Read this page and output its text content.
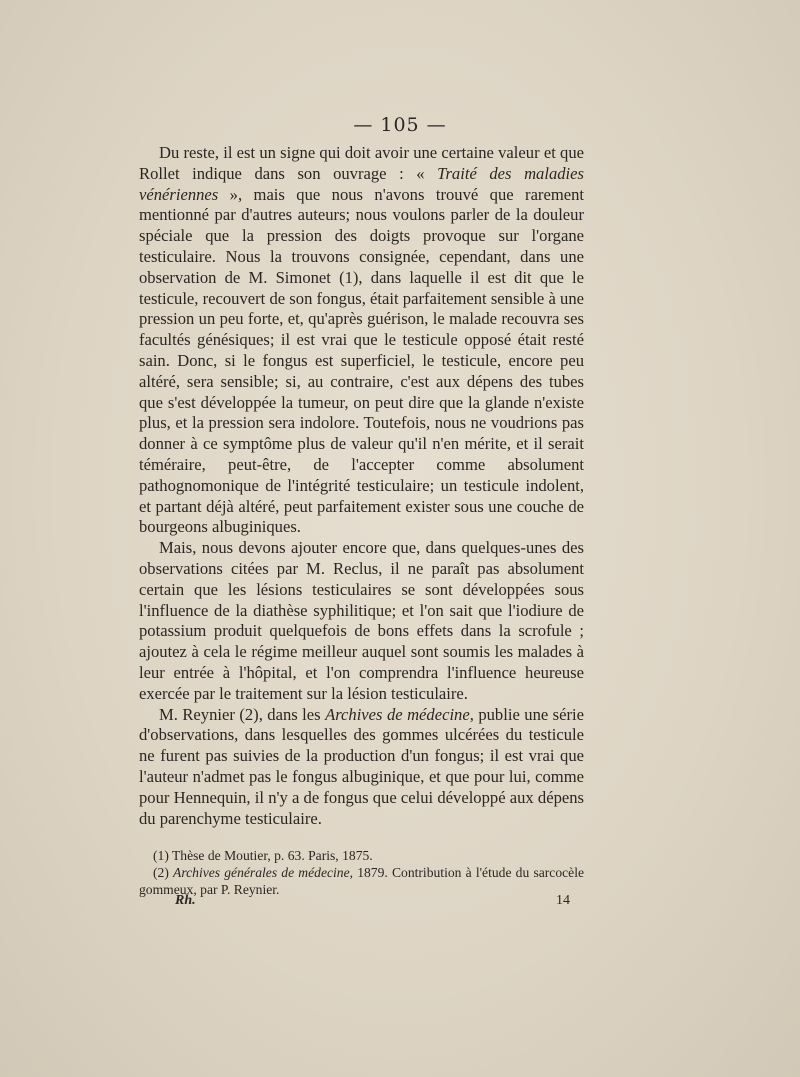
— 105 —

Du reste, il est un signe qui doit avoir une certaine valeur et que Rollet indique dans son ouvrage : « Traité des maladies vénériennes », mais que nous n'avons trouvé que rarement mentionné par d'autres auteurs; nous voulons parler de la douleur spéciale que la pression des doigts provoque sur l'organe testiculaire. Nous la trouvons consignée, cependant, dans une observation de M. Simonet (1), dans laquelle il est dit que le testicule, recouvert de son fongus, était parfaitement sensible à une pression un peu forte, et, qu'après guérison, le malade recouvra ses facultés génésiques; il est vrai que le testicule opposé était resté sain. Donc, si le fongus est superficiel, le testicule, encore peu altéré, sera sensible; si, au contraire, c'est aux dépens des tubes que s'est développée la tumeur, on peut dire que la glande n'existe plus, et la pression sera indolore. Toutefois, nous ne voudrions pas donner à ce symptôme plus de valeur qu'il n'en mérite, et il serait téméraire, peut-être, de l'accepter comme absolument pathognomonique de l'intégrité testiculaire; un testicule indolent, et partant déjà altéré, peut parfaitement exister sous une couche de bourgeons albuginiques.

Mais, nous devons ajouter encore que, dans quelques-unes des observations citées par M. Reclus, il ne paraît pas absolument certain que les lésions testiculaires se sont développées sous l'influence de la diathèse syphilitique; et l'on sait que l'iodiure de potassium produit quelquefois de bons effets dans la scrofule ; ajoutez à cela le régime meilleur auquel sont soumis les malades à leur entrée à l'hôpital, et l'on comprendra l'influence heureuse exercée par le traitement sur la lésion testiculaire.

M. Reynier (2), dans les Archives de médecine, publie une série d'observations, dans lesquelles des gommes ulcérées du testicule ne furent pas suivies de la production d'un fongus; il est vrai que l'auteur n'admet pas le fongus albuginique, et que pour lui, comme pour Hennequin, il n'y a de fongus que celui développé aux dépens du parenchyme testiculaire.

(1) Thèse de Moutier, p. 63. Paris, 1875.

(2) Archives générales de médecine, 1879. Contribution à l'étude du sarcocèle gommeux, par P. Reynier.

Rh.	14
